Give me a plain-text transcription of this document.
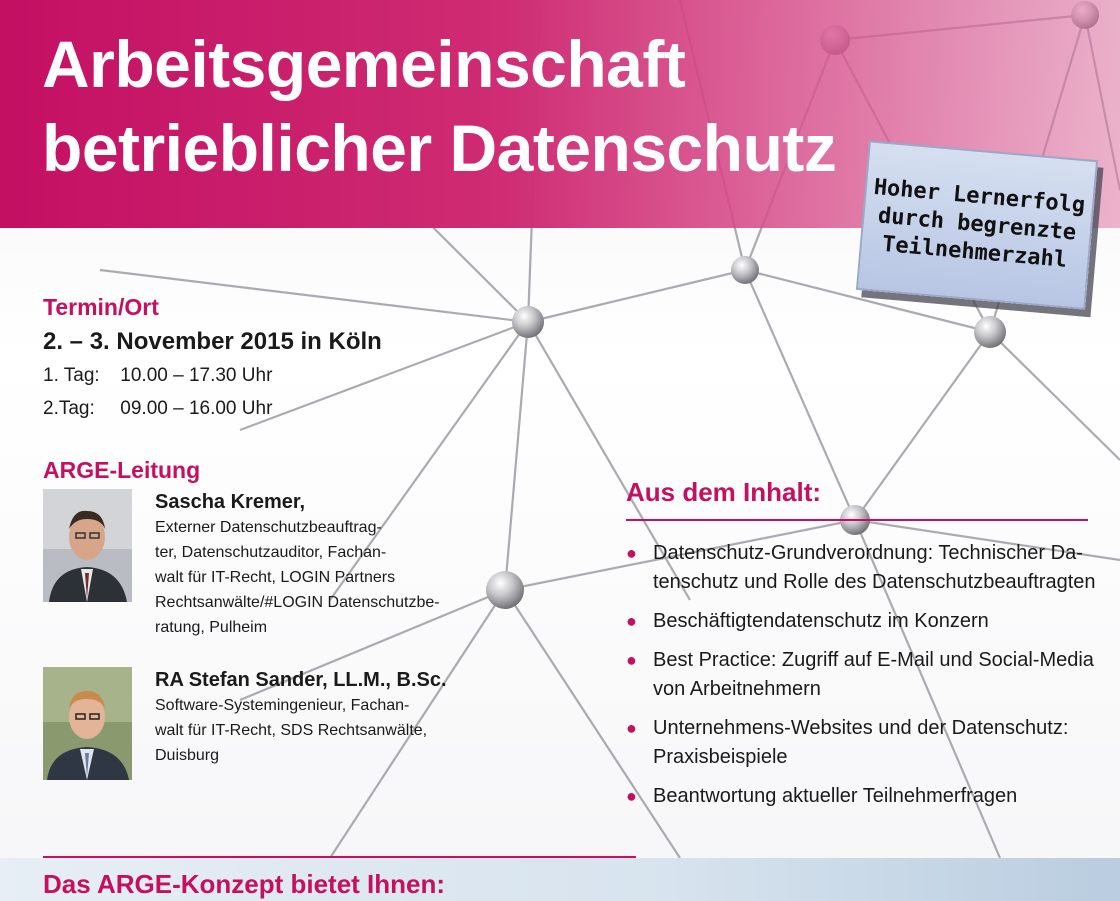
Arbeitsgemeinschaft
betrieblicher Datenschutz
Hoher Lernerfolg
durch begrenzte
Teilnehmerzahl
Termin/Ort
2. – 3. November 2015 in Köln
1. Tag: 10.00 – 17.30 Uhr
2.Tag: 09.00 – 16.00 Uhr
ARGE-Leitung
Sascha Kremer,
Externer Datenschutzbeauftrag-
ter, Datenschutzauditor, Fachan-
walt für IT-Recht, LOGIN Partners
Rechtsanwälte/#LOGIN Datenschutzbe-
ratung, Pulheim
RA Stefan Sander, LL.M., B.Sc.
Software-Systemingenieur, Fachan-
walt für IT-Recht, SDS Rechtsanwälte,
Duisburg
Aus dem Inhalt:
● Datenschutz-Grundverordnung: Technischer Da-
tenschutz und Rolle des Datenschutzbeauftragten
● Beschäftigtendatenschutz im Konzern
● Best Practice: Zugriff auf E-Mail und Social-Media
von Arbeitnehmern
● Unternehmens-Websites und der Datenschutz:
Praxisbeispiele
● Beantwortung aktueller Teilnehmerfragen
Das ARGE-Konzept bietet Ihnen:
